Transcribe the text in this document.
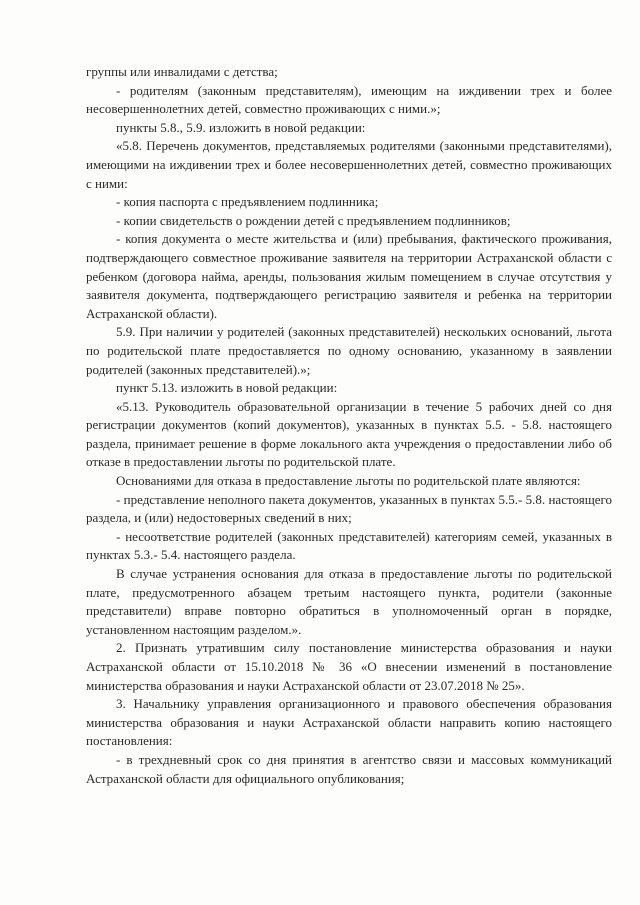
группы или инвалидами с детства;

- родителям (законным представителям), имеющим на иждивении трех и более несовершеннолетних детей, совместно проживающих с ними.»;

пункты 5.8., 5.9. изложить в новой редакции:

«5.8. Перечень документов, представляемых родителями (законными представителями), имеющими на иждивении трех и более несовершеннолетних детей, совместно проживающих с ними:

- копия паспорта с предъявлением подлинника;

- копии свидетельств о рождении детей с предъявлением подлинников;

- копия документа о месте жительства и (или) пребывания, фактического проживания, подтверждающего совместное проживание заявителя на территории Астраханской области с ребенком (договора найма, аренды, пользования жилым помещением в случае отсутствия у заявителя документа, подтверждающего регистрацию заявителя и ребенка на территории Астраханской области).

5.9. При наличии у родителей (законных представителей) нескольких оснований, льгота по родительской плате предоставляется по одному основанию, указанному в заявлении родителей (законных представителей).»;

пункт 5.13. изложить в новой редакции:

«5.13. Руководитель образовательной организации в течение 5 рабочих дней со дня регистрации документов (копий документов), указанных в пунктах 5.5. - 5.8. настоящего раздела, принимает решение в форме локального акта учреждения о предоставлении либо об отказе в предоставлении льготы по родительской плате.

Основаниями для отказа в предоставление льготы по родительской плате являются:

- представление неполного пакета документов, указанных в пунктах 5.5.- 5.8. настоящего раздела, и (или) недостоверных сведений в них;

- несоответствие родителей (законных представителей) категориям семей, указанных в пунктах 5.3.- 5.4. настоящего раздела.

В случае устранения основания для отказа в предоставление льготы по родительской плате, предусмотренного абзацем третьим настоящего пункта, родители (законные представители) вправе повторно обратиться в уполномоченный орган в порядке, установленном настоящим разделом.».

2. Признать утратившим силу постановление министерства образования и науки Астраханской области от 15.10.2018 № 36 «О внесении изменений в постановление министерства образования и науки Астраханской области от 23.07.2018 № 25».

3. Начальнику управления организационного и правового обеспечения образования министерства образования и науки Астраханской области направить копию настоящего постановления:

- в трехдневный срок со дня принятия в агентство связи и массовых коммуникаций Астраханской области для официального опубликования;
